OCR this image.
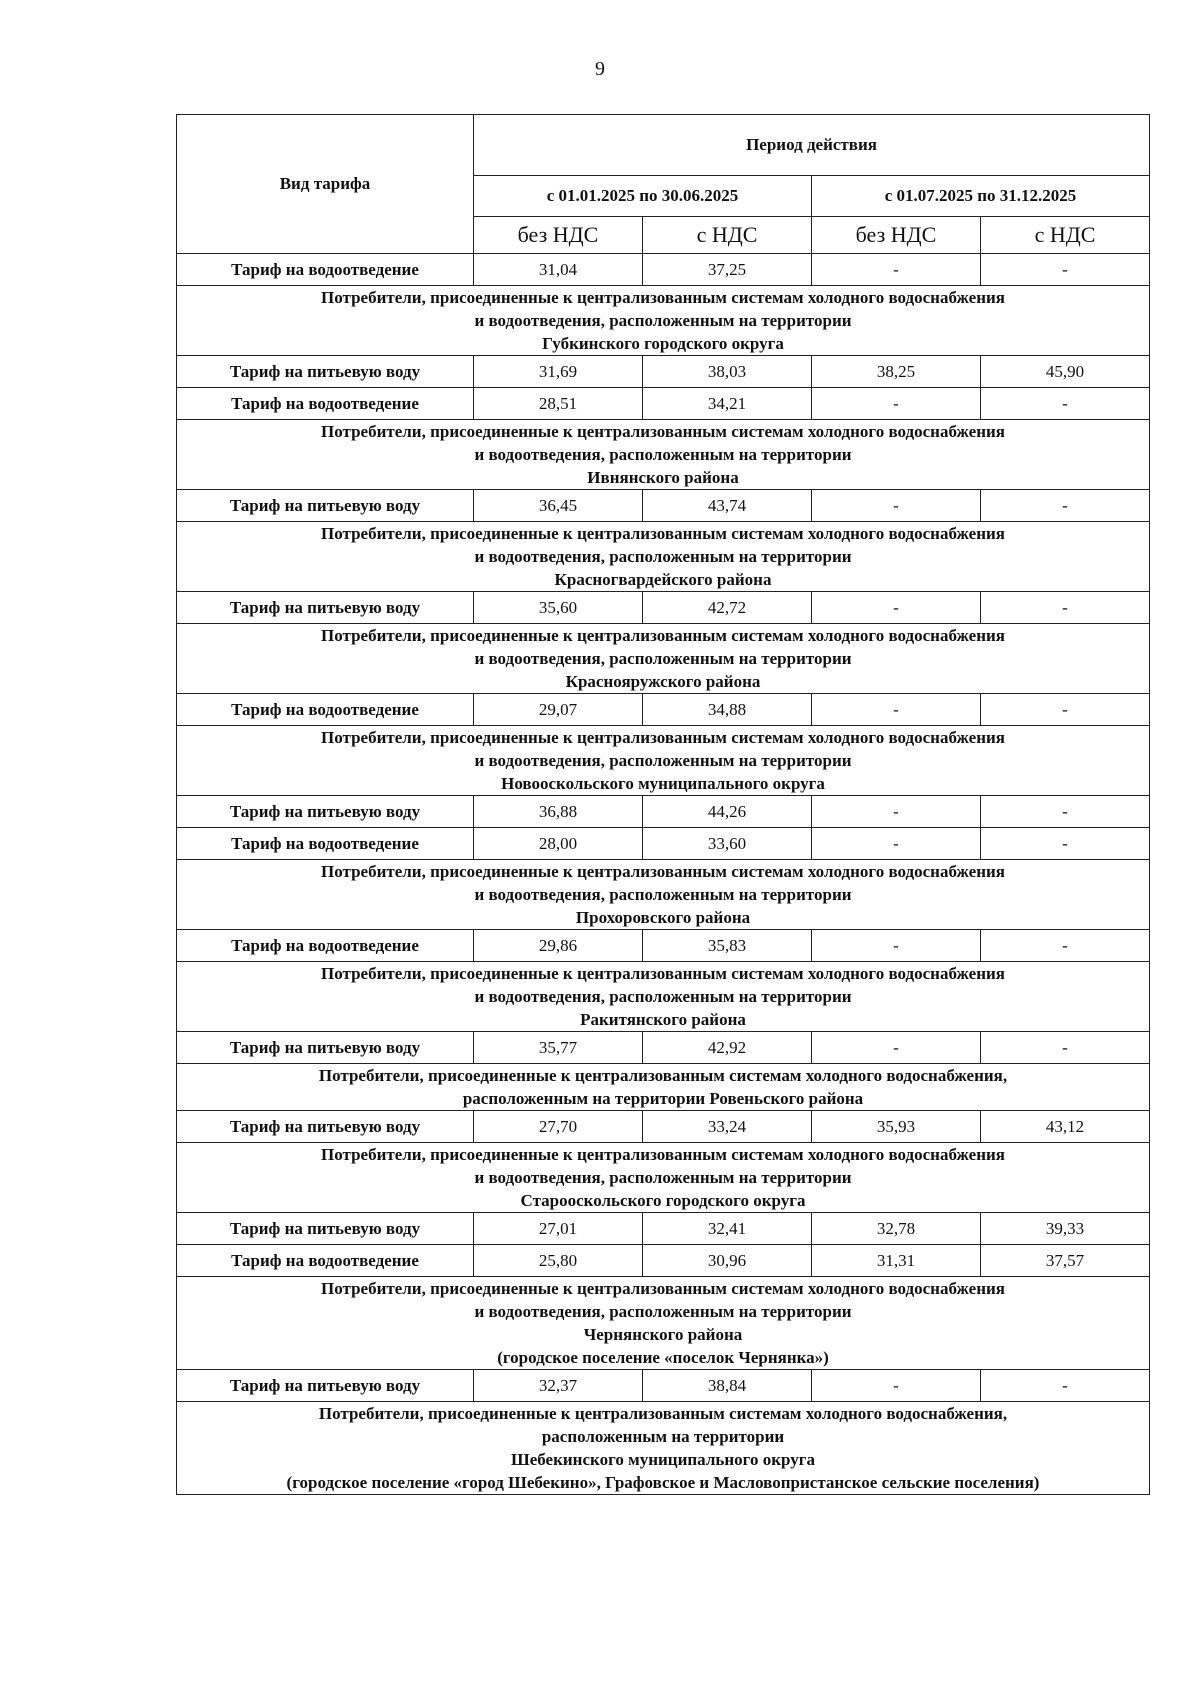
9
Вид тарифа	Период действия			
	с 01.01.2025 по 30.06.2025		с 01.07.2025 по 31.12.2025	
	без НДС	с НДС	без НДС	с НДС
Тариф на водоотведение	31,04	37,25	-	-

Потребители, присоединенные к централизованным системам холодного водоснабжения
и водоотведения, расположенным на территории
Губкинского городского округа				

Тариф на питьевую воду	31,69	38,03	38,25	45,90
Тариф на водоотведение	28,51	34,21	-	-

Потребители, присоединенные к централизованным системам холодного водоснабжения
и водоотведения, расположенным на территории
Ивнянского района				

Тариф на питьевую воду	36,45	43,74	-	-

Потребители, присоединенные к централизованным системам холодного водоснабжения
и водоотведения, расположенным на территории
Красногвардейского района				

Тариф на питьевую воду	35,60	42,72	-	-

Потребители, присоединенные к централизованным системам холодного водоснабжения
и водоотведения, расположенным на территории
Краснояружского района				

Тариф на водоотведение	29,07	34,88	-	-

Потребители, присоединенные к централизованным системам холодного водоснабжения
и водоотведения, расположенным на территории
Новооскольского муниципального округа				

Тариф на питьевую воду	36,88	44,26	-	-
Тариф на водоотведение	28,00	33,60	-	-

Потребители, присоединенные к централизованным системам холодного водоснабжения
и водоотведения, расположенным на территории
Прохоровского района				

Тариф на водоотведение	29,86	35,83	-	-

Потребители, присоединенные к централизованным системам холодного водоснабжения
и водоотведения, расположенным на территории
Ракитянского района				

Тариф на питьевую воду	35,77	42,92	-	-

Потребители, присоединенные к централизованным системам холодного водоснабжения,
расположенным на территории Ровеньского района				

Тариф на питьевую воду	27,70	33,24	35,93	43,12

Потребители, присоединенные к централизованным системам холодного водоснабжения
и водоотведения, расположенным на территории
Старооскольского городского округа				

Тариф на питьевую воду	27,01	32,41	32,78	39,33
Тариф на водоотведение	25,80	30,96	31,31	37,57

Потребители, присоединенные к централизованным системам холодного водоснабжения
и водоотведения, расположенным на территории
Чернянского района
(городское поселение «поселок Чернянка»)				

Тариф на питьевую воду	32,37	38,84	-	-

Потребители, присоединенные к централизованным системам холодного водоснабжения,
расположенным на территории
Шебекинского муниципального округа
(городское поселение «город Шебекино», Графовское и Масловопристанское сельские поселения)				
